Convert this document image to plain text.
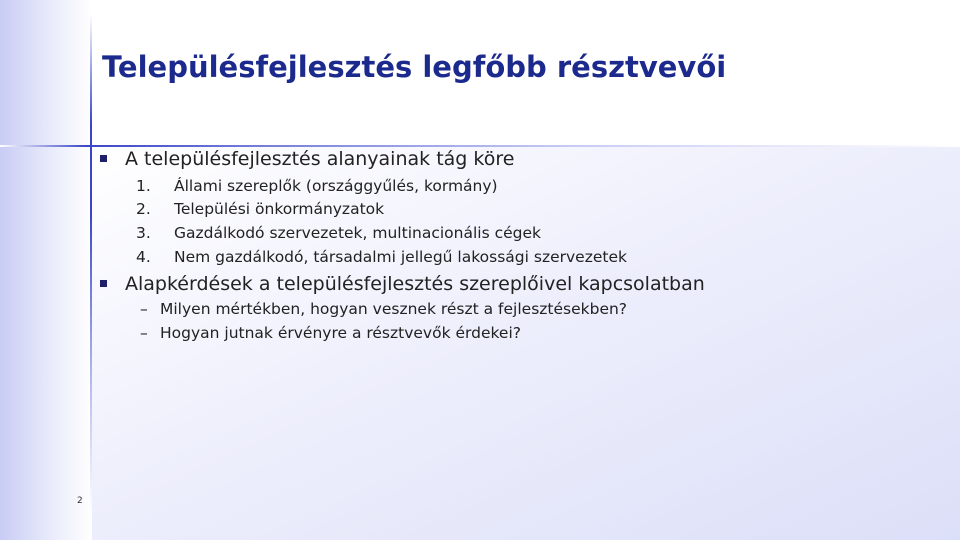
Településfejlesztés legfőbb résztvevői
A településfejlesztés alanyainak tág köre
1.	Állami szereplők (országgyűlés, kormány)
2.	Települési önkormányzatok
3.	Gazdálkodó szervezetek, multinacionális cégek
4.	Nem gazdálkodó, társadalmi jellegű lakossági szervezetek
Alapkérdések a településfejlesztés szereplőivel kapcsolatban
– Milyen mértékben, hogyan vesznek részt a fejlesztésekben?
– Hogyan jutnak érvényre a résztvevők érdekei?
2
